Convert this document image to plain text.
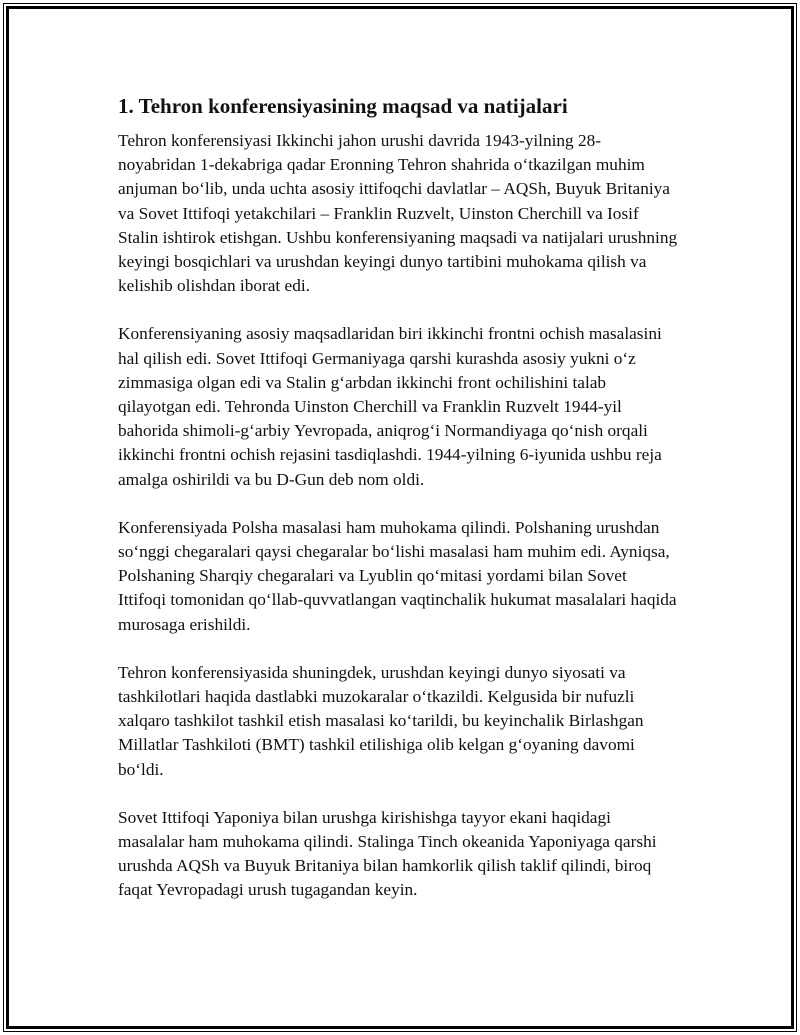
1. Tehron konferensiyasining maqsad va natijalari

Tehron konferensiyasi Ikkinchi jahon urushi davrida 1943-yilning 28-noyabridan 1-dekabriga qadar Eronning Tehron shahrida o‘tkazilgan muhim anjuman bo‘lib, unda uchta asosiy ittifoqchi davlatlar – AQSh, Buyuk Britaniya va Sovet Ittifoqi yetakchilari – Franklin Ruzvelt, Uinston Cherchill va Iosif Stalin ishtirok etishgan. Ushbu konferensiyaning maqsadi va natijalari urushning keyingi bosqichlari va urushdan keyingi dunyo tartibini muhokama qilish va kelishib olishdan iborat edi.

Konferensiyaning asosiy maqsadlaridan biri ikkinchi frontni ochish masalasini hal qilish edi. Sovet Ittifoqi Germaniyaga qarshi kurashda asosiy yukni o‘z zimmasiga olgan edi va Stalin g‘arbdan ikkinchi front ochilishini talab qilayotgan edi. Tehronda Uinston Cherchill va Franklin Ruzvelt 1944-yil bahorida shimoli-g‘arbiy Yevropada, aniqrog‘i Normandiyaga qo‘nish orqali ikkinchi frontni ochish rejasini tasdiqlashdi. 1944-yilning 6-iyunida ushbu reja amalga oshirildi va bu D-Gun deb nom oldi.

Konferensiyada Polsha masalasi ham muhokama qilindi. Polshaning urushdan so‘nggi chegaralari qaysi chegaralar bo‘lishi masalasi ham muhim edi. Ayniqsa, Polshaning Sharqiy chegaralari va Lyublin qo‘mitasi yordami bilan Sovet Ittifoqi tomonidan qo‘llab-quvvatlangan vaqtinchalik hukumat masalalari haqida murosaga erishildi.

Tehron konferensiyasida shuningdek, urushdan keyingi dunyo siyosati va tashkilotlari haqida dastlabki muzokaralar o‘tkazildi. Kelgusida bir nufuzli xalqaro tashkilot tashkil etish masalasi ko‘tarildi, bu keyinchalik Birlashgan Millatlar Tashkiloti (BMT) tashkil etilishiga olib kelgan g‘oyaning davomi bo‘ldi.

Sovet Ittifoqi Yaponiya bilan urushga kirishishga tayyor ekani haqidagi masalalar ham muhokama qilindi. Stalinga Tinch okeanida Yaponiyaga qarshi urushda AQSh va Buyuk Britaniya bilan hamkorlik qilish taklif qilindi, biroq faqat Yevropadagi urush tugagandan keyin.
